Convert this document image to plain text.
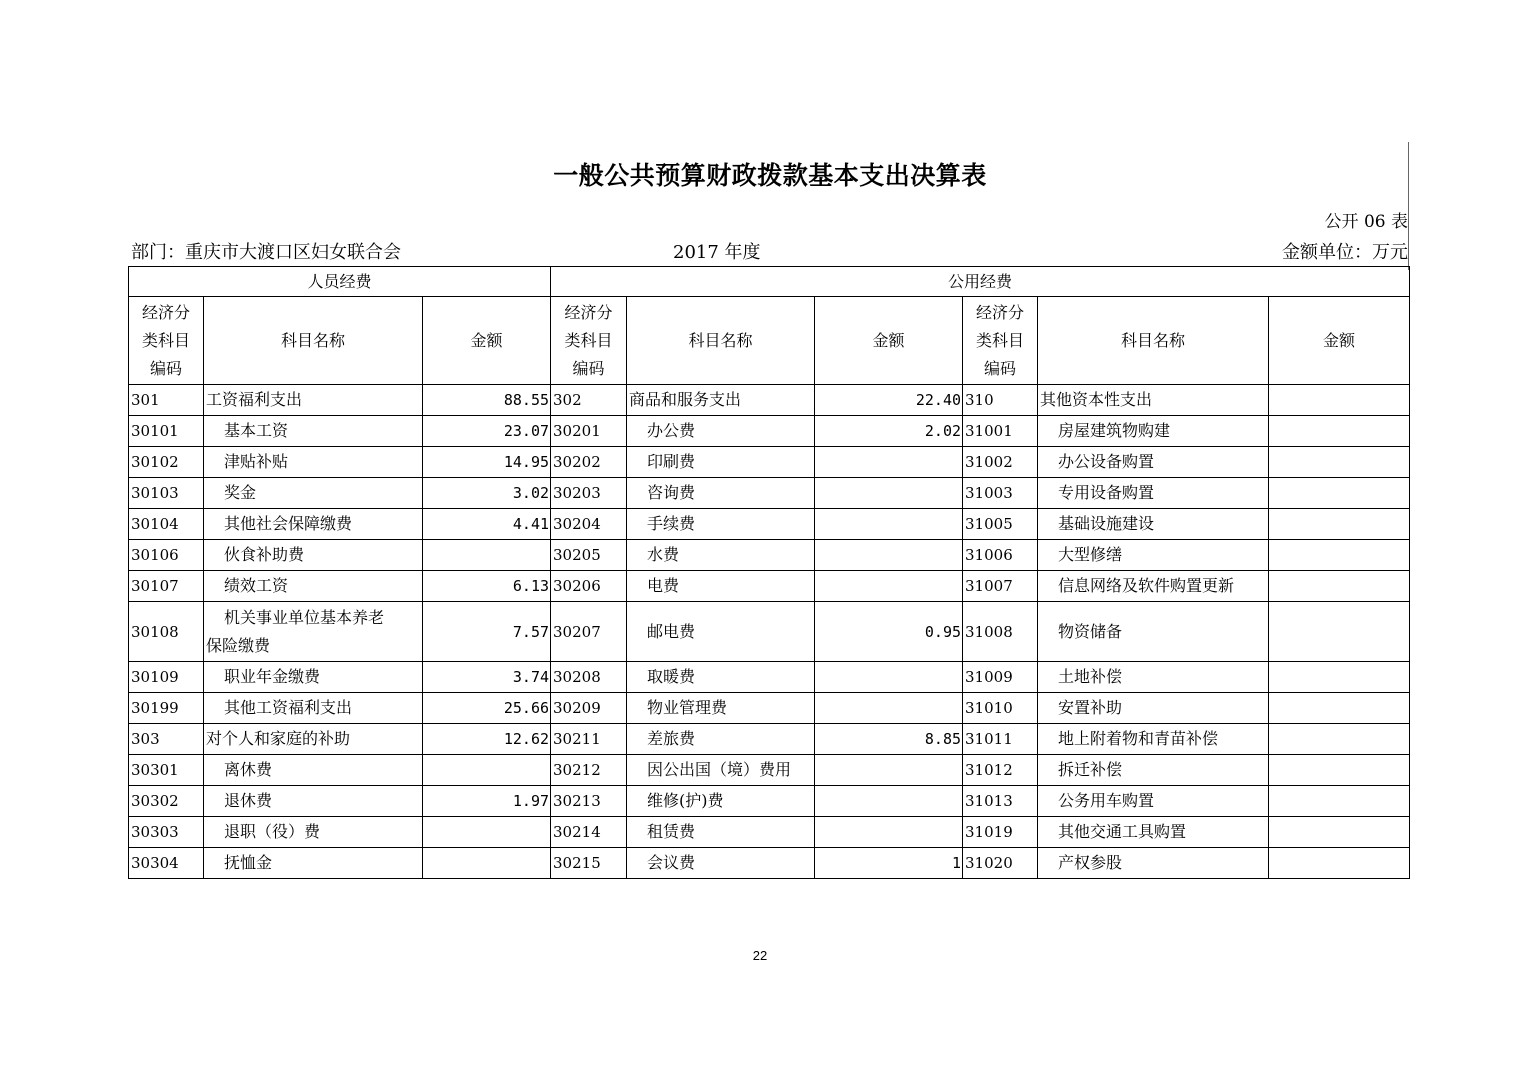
一般公共预算财政拨款基本支出决算表
公开 06 表
部门：重庆市大渡口区妇女联合会	2017 年度	金额单位：万元
人员经费			公用经费					
经济分
类科目
编码	科目名称	金额	经济分
类科目
编码	科目名称	金额	经济分
类科目
编码	科目名称	金额
301	工资福利支出	88.55	302	商品和服务支出	22.40	310	其他资本性支出	
30101	基本工资	23.07	30201	办公费	2.02	31001	房屋建筑物购建	
30102	津贴补贴	14.95	30202	印刷费		31002	办公设备购置	
30103	奖金	3.02	30203	咨询费		31003	专用设备购置	
30104	其他社会保障缴费	4.41	30204	手续费		31005	基础设施建设	
30106	伙食补助费		30205	水费		31006	大型修缮	
30107	绩效工资	6.13	30206	电费		31007	信息网络及软件购置更新	
30108	机关事业单位基本养老
保险缴费	7.57	30207	邮电费	0.95	31008	物资储备	
30109	职业年金缴费	3.74	30208	取暖费		31009	土地补偿	
30199	其他工资福利支出	25.66	30209	物业管理费		31010	安置补助	
303	对个人和家庭的补助	12.62	30211	差旅费	8.85	31011	地上附着物和青苗补偿	
30301	离休费		30212	因公出国（境）费用		31012	拆迁补偿	
30302	退休费	1.97	30213	维修(护)费		31013	公务用车购置	
30303	退职（役）费		30214	租赁费		31019	其他交通工具购置	
30304	抚恤金		30215	会议费	1	31020	产权参股	
22
